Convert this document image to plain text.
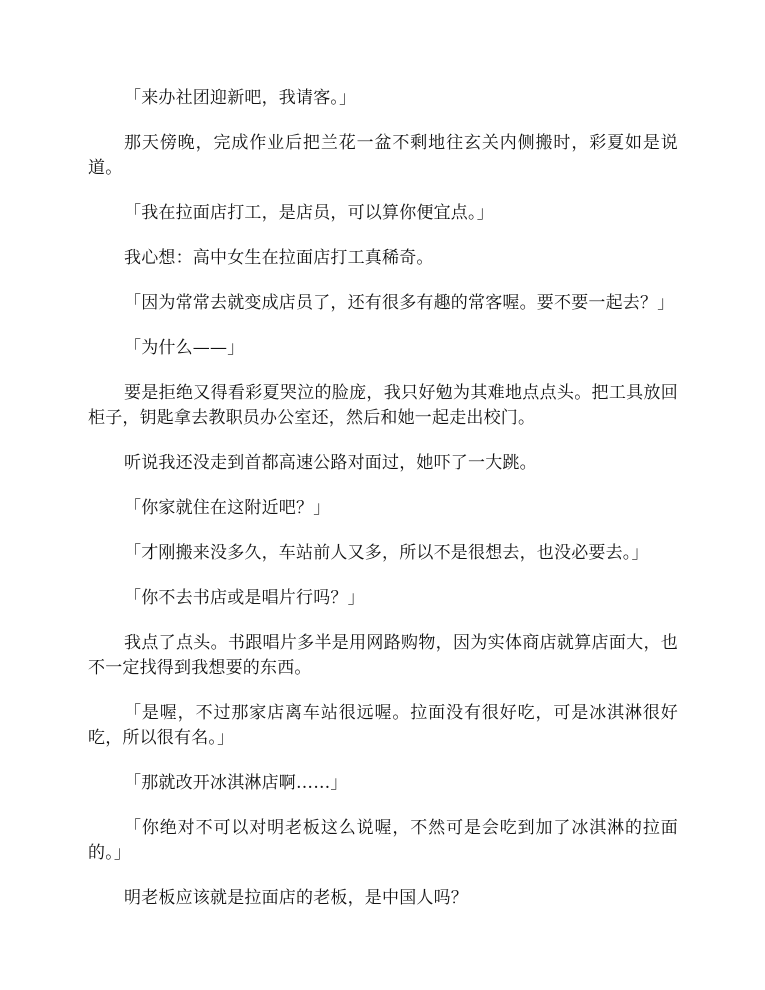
「来办社团迎新吧，我请客。」

那天傍晚，完成作业后把兰花一盆不剩地往玄关内侧搬时，彩夏如是说道。

「我在拉面店打工，是店员，可以算你便宜点。」

我心想：高中女生在拉面店打工真稀奇。

「因为常常去就变成店员了，还有很多有趣的常客喔。要不要一起去？」

「为什么——」

要是拒绝又得看彩夏哭泣的脸庞，我只好勉为其难地点点头。把工具放回柜子，钥匙拿去教职员办公室还，然后和她一起走出校门。

听说我还没走到首都高速公路对面过，她吓了一大跳。

「你家就住在这附近吧？」

「才刚搬来没多久，车站前人又多，所以不是很想去，也没必要去。」

「你不去书店或是唱片行吗？」

我点了点头。书跟唱片多半是用网路购物，因为实体商店就算店面大，也不一定找得到我想要的东西。

「是喔，不过那家店离车站很远喔。拉面没有很好吃，可是冰淇淋很好吃，所以很有名。」

「那就改开冰淇淋店啊……」

「你绝对不可以对明老板这么说喔，不然可是会吃到加了冰淇淋的拉面的。」

明老板应该就是拉面店的老板，是中国人吗？
